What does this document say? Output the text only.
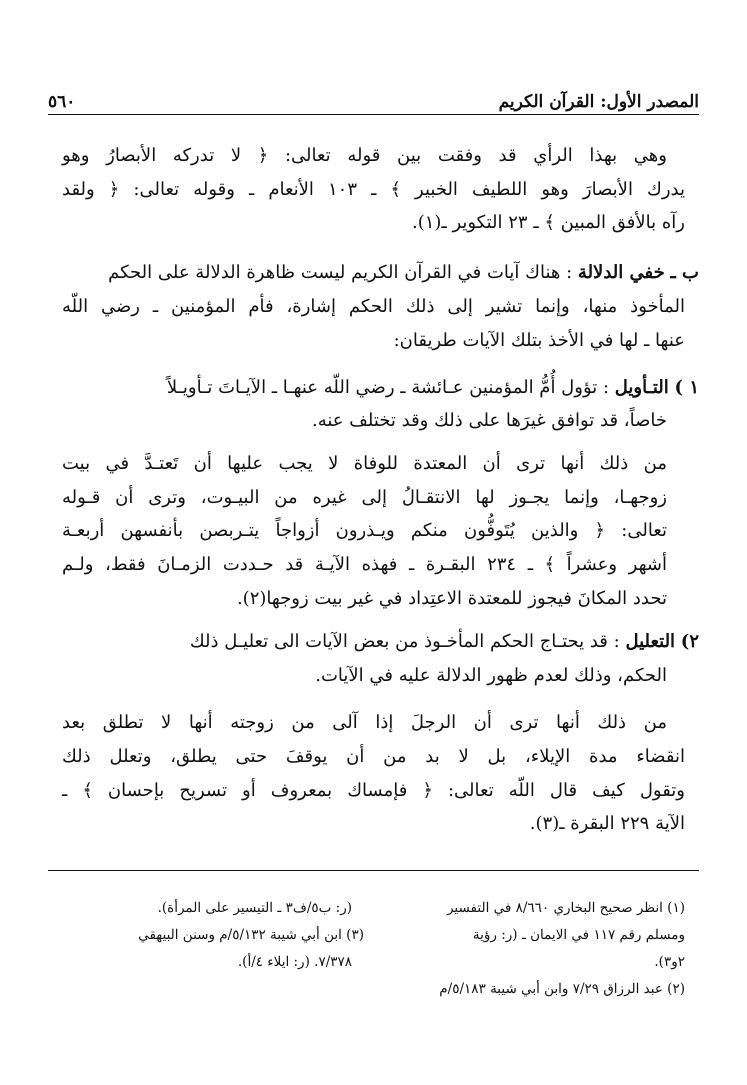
المصدر الأول: القرآن الكريم
٥٦٠
وهي بهذا الرأي قد وفقت بين قوله تعالى: ﴿ لا تدركه الأبصارُ وهو
يدرك الأبصارَ وهو اللطيف الخبير ﴾ ـ ١٠٣ الأنعام ـ وقوله تعالى: ﴿ ولقد
رآه بالأفق المبين ﴾ ـ ٢٣ التكوير ـ(١).
ب ـ خفي الدلالة : هناك آيات في القرآن الكريم ليست ظاهرة الدلالة على الحكم
المأخوذ منها، وإنما تشير إلى ذلك الحكم إشارة، فأم المؤمنين ـ رضي اللّه
عنها ـ لها في الأخذ بتلك الآيات طريقان:
١ ) التـأويل : تؤول أُمُّ المؤمنين عـائشة ـ رضي اللّه عنهـا ـ الآيـاتَ تـأويـلاً
خاصاً، قد توافق غيرَها على ذلك وقد تختلف عنه.
من ذلك أنها ترى أن المعتدة للوفاة لا يجب عليها أن تَعتـدَّ في بيت
زوجهـا، وإنما يجـوز لها الانتقـالُ إلى غيره من البيـوت، وترى أن قـوله
تعالى: ﴿ والذين يُتَوفُّون منكم ويـذرون أزواجاً يتـربصن بأنفسهن أربعـة
أشهر وعشراً ﴾ ـ ٢٣٤ البقـرة ـ فهذه الآيـة قد حـددت الزمـانَ فقط، ولـم
تحدد المكانَ فيجوز للمعتدة الاعتِداد في غير بيت زوجها(٢).
٢) التعليل : قد يحتـاج الحكم المأخـوذ من بعض الآيات الى تعليـل ذلك
الحكم، وذلك لعدم ظهور الدلالة عليه في الآيات.
من ذلك أنها ترى أن الرجلَ إذا آلى من زوجته أنها لا تطلق بعد
انقضاء مدة الإيلاء، بل لا بد من أن يوقفَ حتى يطلق، وتعلل ذلك
وتقول كيف قال اللّه تعالى: ﴿ فإمساك بمعروف أو تسريح بإحسان ﴾ ـ
الآية ٢٢٩ البقرة ـ(٣).
(١) انظر صحيح البخاري ٨/٦٦٠ في التفسير
ومسلم رقم ١١٧ في الايمان ـ (ر: رؤية
٢و٣).
(٢) عبد الرزاق ٧/٢٩ وابن أبي شيبة ٥/١٨٣/م
(ر: ب٥/ف٣ ـ التيسير على المرأة).
(٣) ابن أبي شيبة ٥/١٣٢/م وسنن البيهقي
٧/٣٧٨. (ر: ايلاء ٤/أ).
